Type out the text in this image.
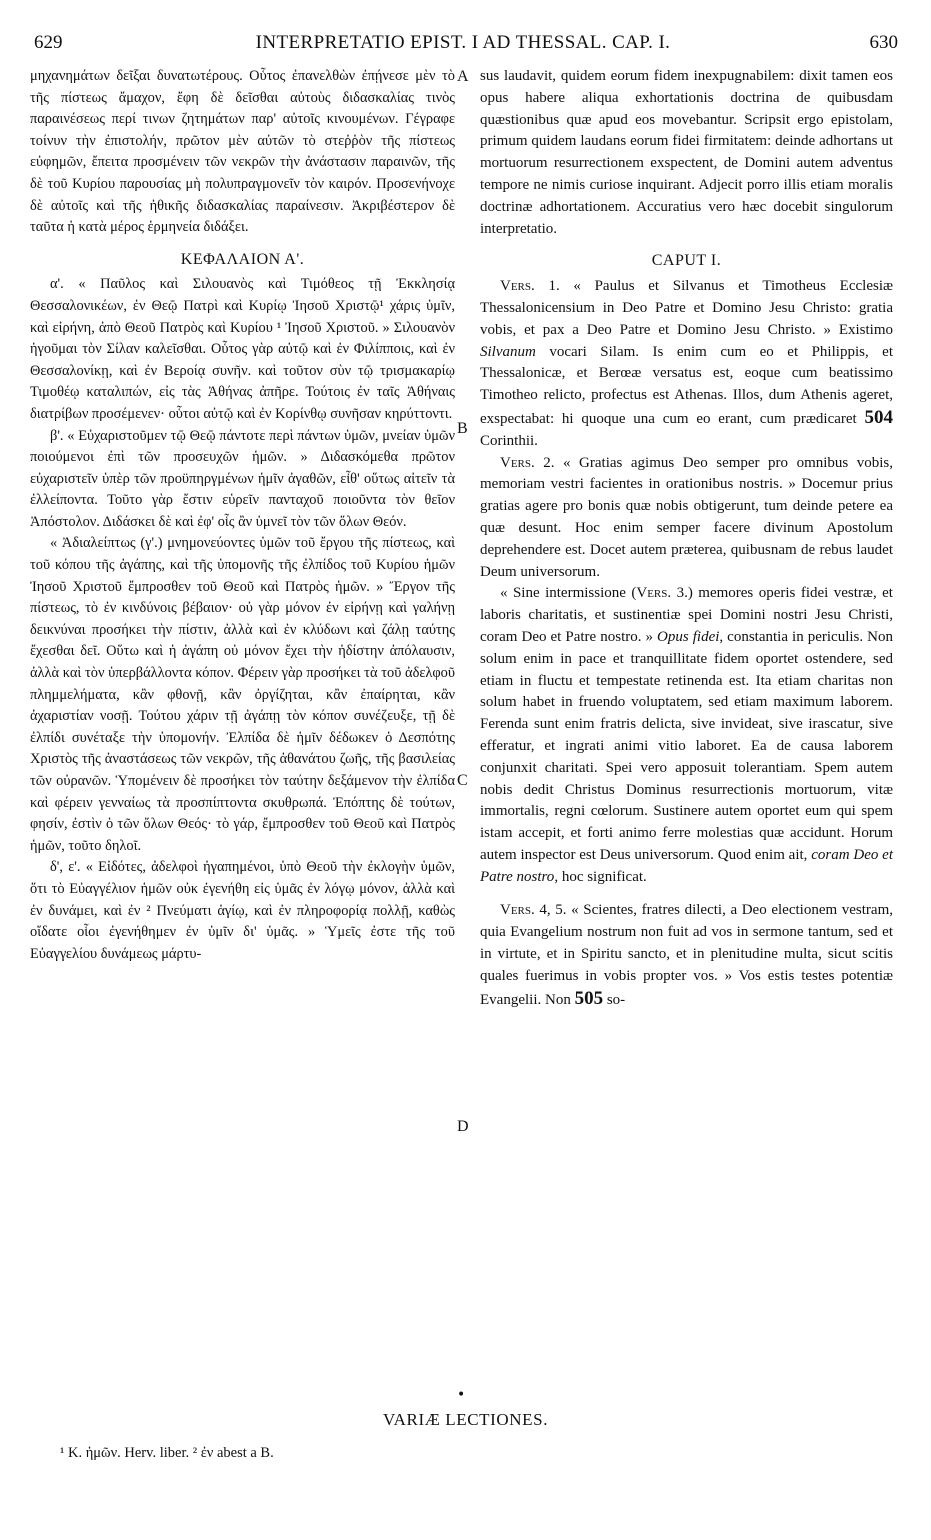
629	INTERPRETATIO EPIST. I AD THESSAL. CAP. I.	630

μηχανημάτων δεῖξαι δυνατωτέρους. Οὗτος ἐπανελθὼν ἐπῄνεσε μὲν τὸ τῆς πίστεως ἄμαχον, ἔφη δὲ δεῖσθαι αὐτοὺς διδασκαλίας τινὸς παραινέσεως περί τινων ζητημάτων παρ' αὐτοῖς κινουμένων. Γέγραφε τοίνυν τὴν ἐπιστολήν, πρῶτον μὲν αὐτῶν τὸ στεῤῥὸν τῆς πίστεως εὐφημῶν, ἔπειτα προσμένειν τῶν νεκρῶν τὴν ἀνάστασιν παραινῶν, τῆς δὲ τοῦ Κυρίου παρουσίας μὴ πολυπραγμονεῖν τὸν καιρόν. Προσενήνοχε δὲ αὐτοῖς καὶ τῆς ἠθικῆς διδασκαλίας παραίνεσιν. Ἀκριβέστερον δὲ ταῦτα ἡ κατὰ μέρος ἑρμηνεία διδάξει.

ΚΕΦΑΛΑΙΟΝ Α'.

α'. « Παῦλος καὶ Σιλουανὸς καὶ Τιμόθεος τῇ Ἐκκλησίᾳ Θεσσαλονικέων, ἐν Θεῷ Πατρὶ καὶ Κυρίῳ Ἰησοῦ Χριστῷ¹ χάρις ὑμῖν, καὶ εἰρήνη, ἀπὸ Θεοῦ Πατρὸς καὶ Κυρίου ¹ Ἰησοῦ Χριστοῦ. » Σιλουανὸν ἡγοῦμαι τὸν Σίλαν καλεῖσθαι. Οὗτος γὰρ αὐτῷ καὶ ἐν Φιλίπποις, καὶ ἐν Θεσσαλονίκῃ, καὶ ἐν Βεροίᾳ συνῆν. καὶ τοῦτον σὺν τῷ τρισμακαρίῳ Τιμοθέῳ καταλιπών, εἰς τὰς Ἀθήνας ἀπῆρε. Τούτοις ἐν ταῖς Ἀθήναις διατρίβων προσέμενεν· οὗτοι αὐτῷ καὶ ἐν Κορίνθῳ συνῆσαν κηρύττοντι.

β'. « Εὐχαριστοῦμεν τῷ Θεῷ πάντοτε περὶ πάντων ὑμῶν, μνείαν ὑμῶν ποιούμενοι ἐπὶ τῶν προσευχῶν ἡμῶν. » Διδασκόμεθα πρῶτον εὐχαριστεῖν ὑπὲρ τῶν προϋπηργμένων ἡμῖν ἀγαθῶν, εἶθ' οὕτως αἰτεῖν τὰ ἐλλείποντα. Τοῦτο γὰρ ἔστιν εὑρεῖν πανταχοῦ ποιοῦντα τὸν θεῖον Ἀπόστολον. Διδάσκει δὲ καὶ ἐφ' οἷς ἂν ὑμνεῖ τὸν τῶν ὅλων Θεόν.

« Ἀδιαλείπτως (γ'.) μνημονεύοντες ὑμῶν τοῦ ἔργου τῆς πίστεως, καὶ τοῦ κόπου τῆς ἀγάπης, καὶ τῆς ὑπομονῆς τῆς ἐλπίδος τοῦ Κυρίου ἡμῶν Ἰησοῦ Χριστοῦ ἔμπροσθεν τοῦ Θεοῦ καὶ Πατρὸς ἡμῶν. » Ἔργον τῆς πίστεως, τὸ ἐν κινδύνοις βέβαιον· οὐ γὰρ μόνον ἐν εἰρήνῃ καὶ γαλήνῃ δεικνύναι προσήκει τὴν πίστιν, ἀλλὰ καὶ ἐν κλύδωνι καὶ ζάλῃ ταύτης ἔχεσθαι δεῖ. Οὕτω καὶ ἡ ἀγάπη οὐ μόνον ἔχει τὴν ἡδίστην ἀπόλαυσιν, ἀλλὰ καὶ τὸν ὑπερβάλλοντα κόπον. Φέρειν γὰρ προσήκει τὰ τοῦ ἀδελφοῦ πλημμελήματα, κἂν φθονῇ, κἂν ὀργίζηται, κἂν ἐπαίρηται, κἂν ἀχαριστίαν νοσῇ. Τούτου χάριν τῇ ἀγάπῃ τὸν κόπον συνέζευξε, τῇ δὲ ἐλπίδι συνέταξε τὴν ὑπομονήν. Ἐλπίδα δὲ ἡμῖν δέδωκεν ὁ Δεσπότης Χριστὸς τῆς ἀναστάσεως τῶν νεκρῶν, τῆς ἀθανάτου ζωῆς, τῆς βασιλείας τῶν οὐρανῶν. Ὑπομένειν δὲ προσήκει τὸν ταύτην δεξάμενον τὴν ἐλπίδα καὶ φέρειν γενναίως τὰ προσπίπτοντα σκυθρωπά. Ἐπόπτης δὲ τούτων, φησίν, ἐστὶν ὁ τῶν ὅλων Θεός· τὸ γάρ, ἔμπροσθεν τοῦ Θεοῦ καὶ Πατρὸς ἡμῶν, τοῦτο δηλοῖ.

δ', ε'. « Εἰδότες, ἀδελφοὶ ἠγαπημένοι, ὑπὸ Θεοῦ τὴν ἐκλογὴν ὑμῶν, ὅτι τὸ Εὐαγγέλιον ἡμῶν οὐκ ἐγενήθη εἰς ὑμᾶς ἐν λόγῳ μόνον, ἀλλὰ καὶ ἐν δυνάμει, καὶ ἐν ² Πνεύματι ἁγίῳ, καὶ ἐν πληροφορίᾳ πολλῇ, καθὼς οἴδατε οἷοι ἐγενήθημεν ἐν ὑμῖν δι' ὑμᾶς. » Ὑμεῖς ἐστε τῆς τοῦ Εὐαγγελίου δυνάμεως μάρτυ-

A
B
C
D

sus laudavit, quidem eorum fidem inexpugnabilem: dixit tamen eos opus habere aliqua exhortationis doctrina de quibusdam quæstionibus quæ apud eos movebantur. Scripsit ergo epistolam, primum quidem laudans eorum fidei firmitatem: deinde adhortans ut mortuorum resurrectionem exspectent, de Domini autem adventus tempore ne nimis curiose inquirant. Adjecit porro illis etiam moralis doctrinæ adhortationem. Accuratius vero hæc docebit singulorum interpretatio.

CAPUT I.

Vers. 1. « Paulus et Silvanus et Timotheus Ecclesiæ Thessalonicensium in Deo Patre et Domino Jesu Christo: gratia vobis, et pax a Deo Patre et Domino Jesu Christo. » Existimo Silvanum vocari Silam. Is enim cum eo et Philippis, et Thessalonicæ, et Berœæ versatus est, eoque cum beatissimo Timotheo relicto, profectus est Athenas. Illos, dum Athenis ageret, exspectabat: hi quoque una cum eo erant, cum prædicaret 504 Corinthii.

Vers. 2. « Gratias agimus Deo semper pro omnibus vobis, memoriam vestri facientes in orationibus nostris. » Docemur prius gratias agere pro bonis quæ nobis obtigerunt, tum deinde petere ea quæ desunt. Hoc enim semper facere divinum Apostolum deprehendere est. Docet autem præterea, quibusnam de rebus laudet Deum universorum.

« Sine intermissione (Vers. 3.) memores operis fidei vestræ, et laboris charitatis, et sustinentiæ spei Domini nostri Jesu Christi, coram Deo et Patre nostro. » Opus fidei, constantia in periculis. Non solum enim in pace et tranquillitate fidem oportet ostendere, sed etiam in fluctu et tempestate retinenda est. Ita etiam charitas non solum habet in fruendo voluptatem, sed etiam maximum laborem. Ferenda sunt enim fratris delicta, sive invideat, sive irascatur, sive efferatur, et ingrati animi vitio laboret. Ea de causa laborem conjunxit charitati. Spei vero apposuit tolerantiam. Spem autem nobis dedit Christus Dominus resurrectionis mortuorum, vitæ immortalis, regni cœlorum. Sustinere autem oportet eum qui spem istam accepit, et forti animo ferre molestias quæ accidunt. Horum autem inspector est Deus universorum. Quod enim ait, coram Deo et Patre nostro, hoc significat.

Vers. 4, 5. « Scientes, fratres dilecti, a Deo electionem vestram, quia Evangelium nostrum non fuit ad vos in sermone tantum, sed et in virtute, et in Spiritu sancto, et in plenitudine multa, sicut scitis quales fuerimus in vobis propter vos. » Vos estis testes potentiæ Evangelii. Non 505 so-

•
VARIÆ LECTIONES.
¹ K. ἡμῶν. Herv. liber. ² ἐν abest a B.
